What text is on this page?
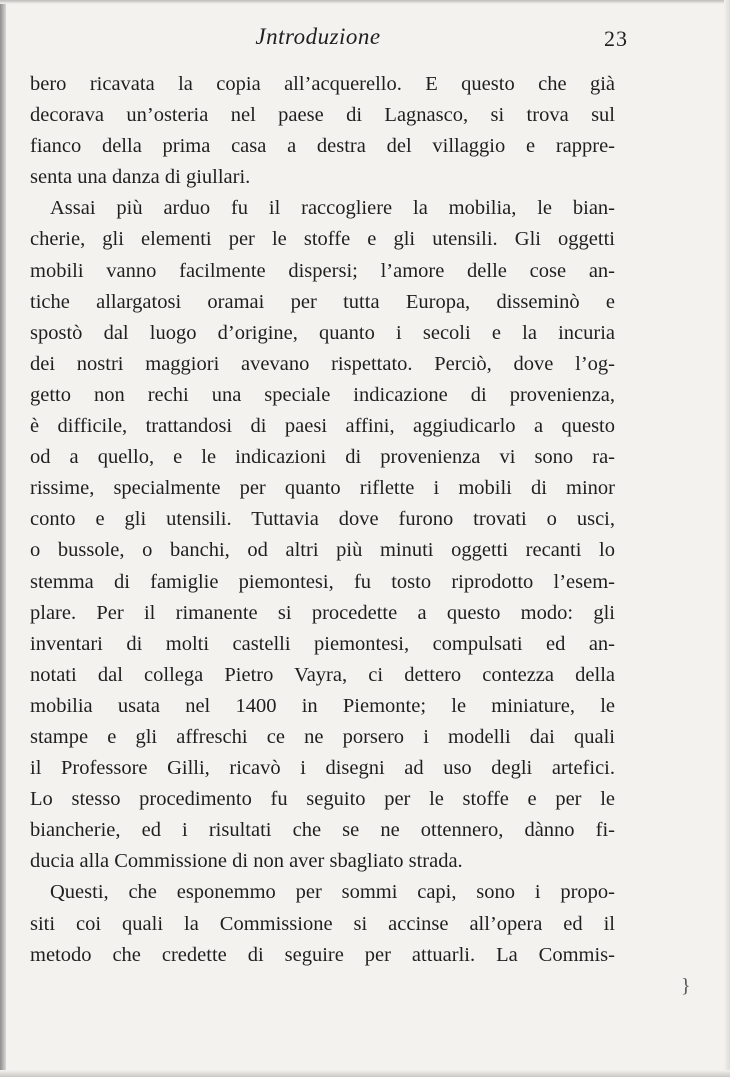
Jntroduzione	23
bero ricavata la copia all’acquerello. E questo che già
decorava un’osteria nel paese di Lagnasco, si trova sul
fianco della prima casa a destra del villaggio e rappre-
senta una danza di giullari.
Assai più arduo fu il raccogliere la mobilia, le bian-
cherie, gli elementi per le stoffe e gli utensili. Gli oggetti
mobili vanno facilmente dispersi; l’amore delle cose an-
tiche allargatosi oramai per tutta Europa, disseminò e
spostò dal luogo d’origine, quanto i secoli e la incuria
dei nostri maggiori avevano rispettato. Perciò, dove l’og-
getto non rechi una speciale indicazione di provenienza,
è difficile, trattandosi di paesi affini, aggiudicarlo a questo
od a quello, e le indicazioni di provenienza vi sono ra-
rissime, specialmente per quanto riflette i mobili di minor
conto e gli utensili. Tuttavia dove furono trovati o usci,
o bussole, o banchi, od altri più minuti oggetti recanti lo
stemma di famiglie piemontesi, fu tosto riprodotto l’esem-
plare. Per il rimanente si procedette a questo modo: gli
inventari di molti castelli piemontesi, compulsati ed an-
notati dal collega Pietro Vayra, ci dettero contezza della
mobilia usata nel 1400 in Piemonte; le miniature, le
stampe e gli affreschi ce ne porsero i modelli dai quali
il Professore Gilli, ricavò i disegni ad uso degli artefici.
Lo stesso procedimento fu seguito per le stoffe e per le
biancherie, ed i risultati che se ne ottennero, dànno fi-
ducia alla Commissione di non aver sbagliato strada.
Questi, che esponemmo per sommi capi, sono i propo-
siti coi quali la Commissione si accinse all’opera ed il
metodo che credette di seguire per attuarli. La Commis-
}
